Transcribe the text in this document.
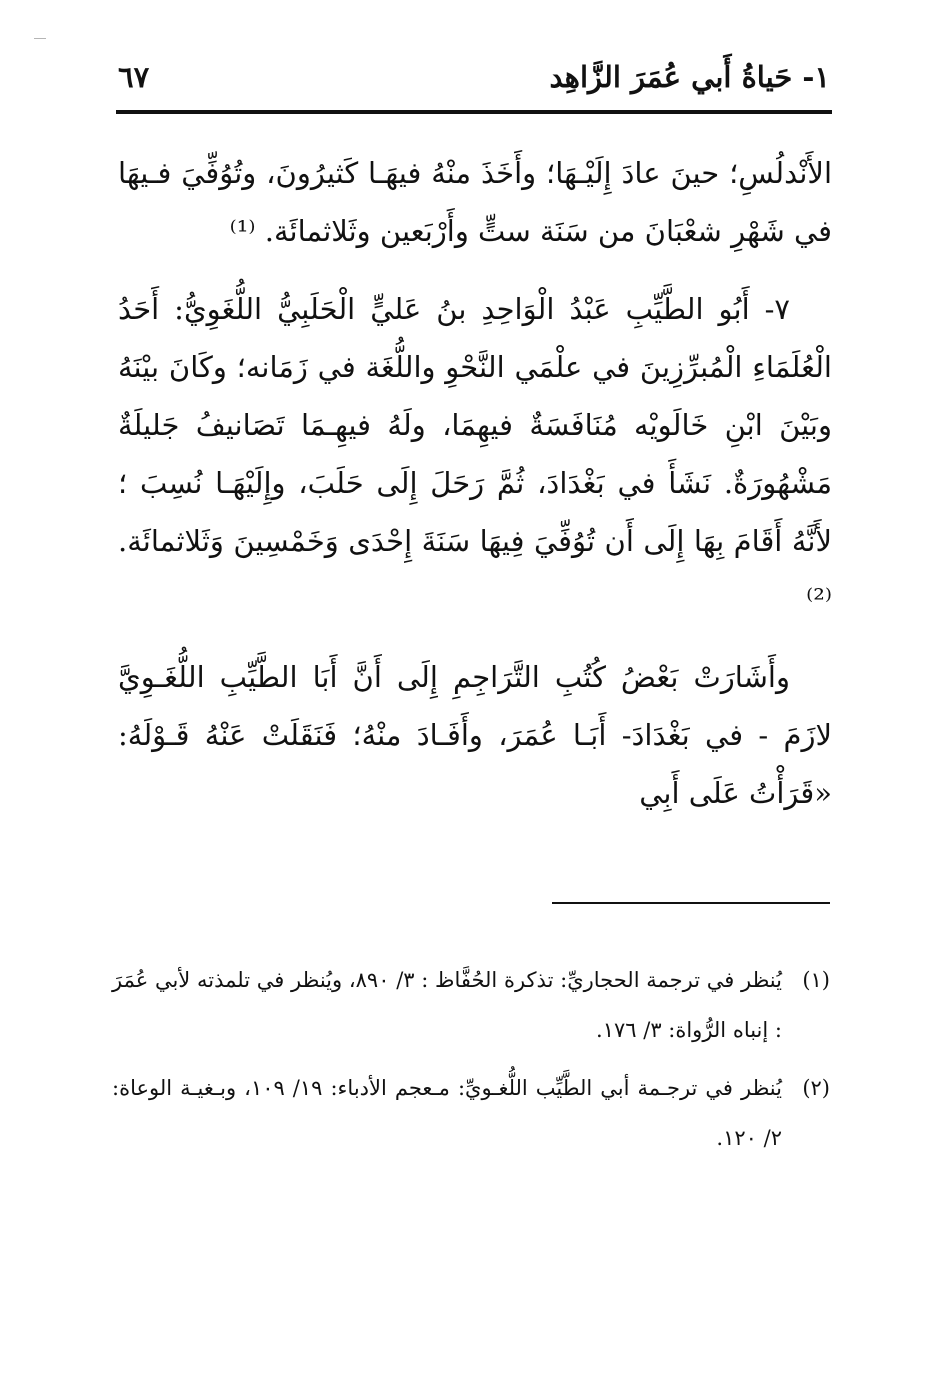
١- حَياةُ أَبي عُمَرَ الزَّاهِد
٦٧

الأَنْدلُسِ؛ حينَ عادَ إِلَيْـهَا؛ وأَخَذَ منْهُ فيهَـا كَثيرُونَ، وتُوُفِّيَ فـيهَا في شَهْرِ شعْبَانَ من سَنَة ستٍّ وأَرْبَعين وثَلاثمائَة. ⁽¹⁾

٧- أَبُو الطَّيِّبِ عَبْدُ الْوَاحِدِ بنُ عَليٍّ الْحَلَبِيُّ اللُّغَوِيُّ: أَحَدُ الْعُلَمَاءِ الْمُبرِّزِينَ في علْمَي النَّحْوِ واللُّغَة في زَمَانه؛ وكَانَ بيْنَهُ وبَيْنَ ابْنِ خَالَويْه مُنَافَسَةٌ فيهِمَا، ولَهُ فيهِـمَا تَصَانيفُ جَليلَةٌ مَشْهُورَةٌ. نَشَأَ في بَغْدَادَ، ثُمَّ رَحَلَ إِلَى حَلَبَ، وإِلَيْهَـا نُسِبَ ؛ لأَنَّهُ أَقَامَ بِهَا إِلَى أَن تُوُفِّيَ فِيهَا سَنَةَ إِحْدَى وَخَمْسِينَ وَثَلاثمائَة. ⁽²⁾

وأَشَارَتْ بَعْضُ كُتُبِ التَّرَاجِمِ إِلَى أَنَّ أَبَا الطَّيِّبِ اللُّغَـوِيَّ لازَمَ - في بَغْدَادَ- أَبَـا عُمَرَ، وأَفَـادَ منْهُ؛ فَنَقَلَتْ عَنْهُ قَـوْلَهُ: «قَرَأْتُ عَلَى أَبِي

(١)
يُنظر في ترجمة الحجاريِّ: تذكرة الحُفَّاظ : ٣/ ٨٩٠، ويُنظر في تلمذته لأبي عُمَرَ : إنباه الرُّواة: ٣/ ١٧٦.
(٢)
يُنظر في ترجـمة أبي الطَّيِّب اللُّغـويِّ: مـعجم الأدباء: ١٩/ ١٠٩، وبـغيـة الوعاة: ٢/ ١٢٠.
